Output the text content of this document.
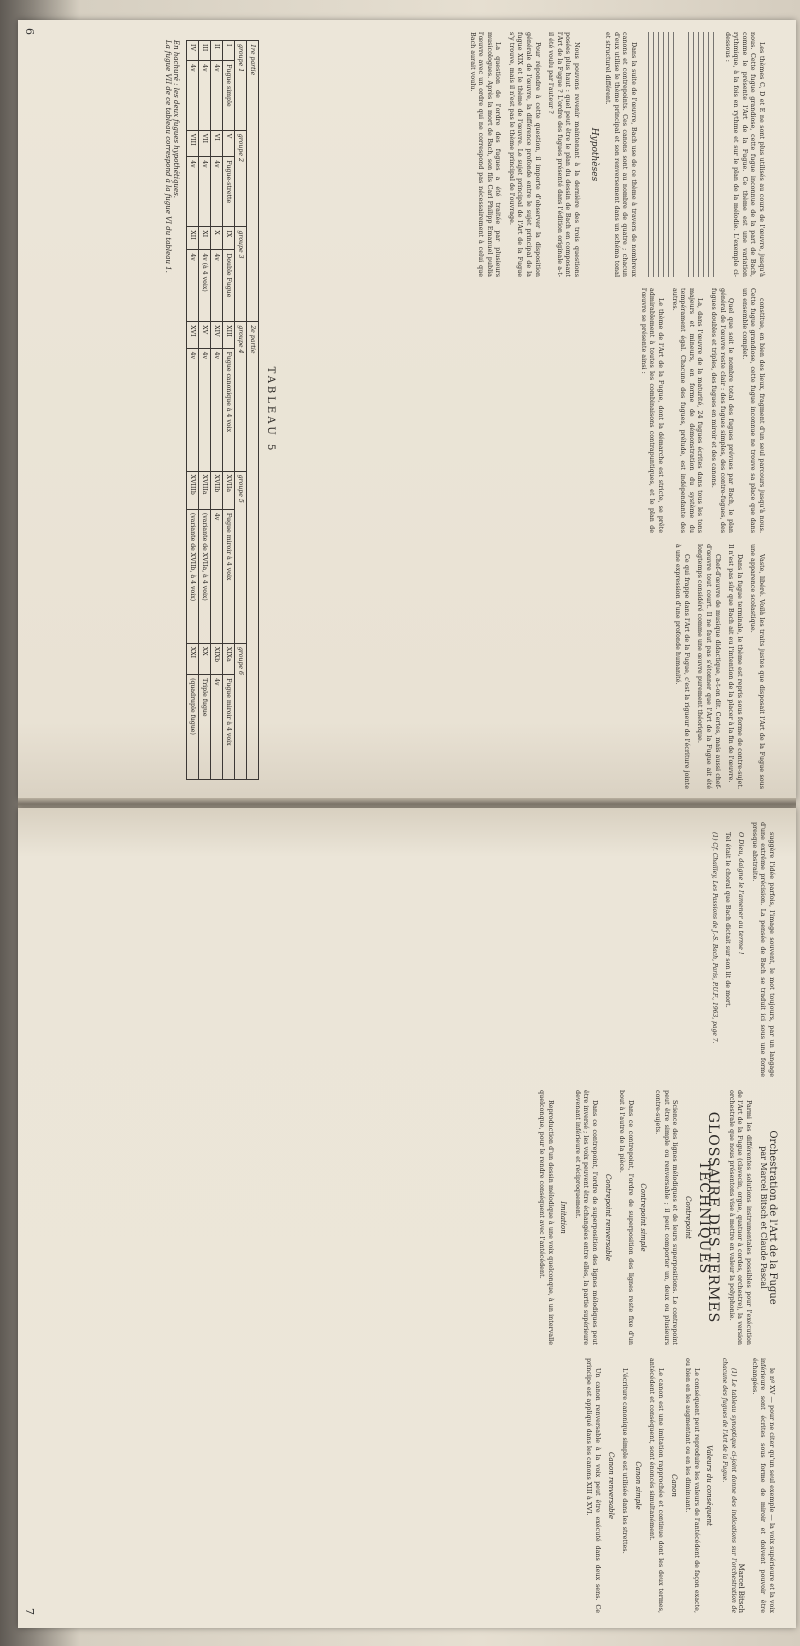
6

Les thèmes C, D et E ne sont plus utilisés au cours de l'œuvre, jusqu'à nous. Cette fugue grandiose, cette fugue inconnue de la part de Bach, comme le présente l'Art de la Fugue. Ce thème est une variation rythmique, à la fois en rythme et sur le plan de la mélodie. L'exemple ci-dessous :

Dans la suite de l'œuvre, Bach use de ce thème à travers de nombreux canons et contrepoints. Ces canons sont au nombre de quatre ; chacun d'eux utilise le thème principal et son renversement dans un schéma tonal et structurel différent.

Hypothèses

Nous pouvons revenir maintenant à la dernière des trois questions posées plus haut : quel peut être le plan du dessin de Bach en composant l'Art de la Fugue ? L'ordre des fugues présenté dans l'édition originale a-t-il été voulu par l'auteur ?

Pour répondre à cette question, il importe d'observer la disposition générale de l'œuvre, la différence profonde entre le sujet principal de la fugue XIX et le thème de l'œuvre. Le sujet principal de l'Art de la Fugue s'y trouve, mais il n'est pas le thème principal de l'ouvrage.

La question de l'ordre des fugues a été traitée par plusieurs musicologues. Après la mort de Bach, son fils Carl Philipp Emanuel publia l'œuvre avec un ordre qui ne correspond pas nécessairement à celui que Bach aurait voulu.

constitue, en bien des lieux, fragment d'un seul parcours jusqu'à nous. Cette fugue grandiose, cette fugue inconnue ne trouve sa place que dans un ensemble complet.

Quel que soit le nombre total des fugues prévues par Bach, le plan général de l'œuvre reste clair : des fugues simples, des contre-fugues, des fugues doubles et triples, des fugues en miroir et des canons.

La, dans l'œuvre de la maturité, 24 fugues écrites dans tous les tons majeurs et mineurs, en forme de démonstration du système du tempérament égal. Chacune des fugues, prélude, est indépendante des autres.

Le thème de l'Art de la Fugue, dont la démarche est stricte, se prête admirablement à toutes les combinaisons contrapuntiques, et le plan de l'œuvre se présente ainsi :

Vaste, libéré. Voilà les traits justes que disposait l'Art de la Fugue sous une apparence scolastique.

Dans la fugue terminale, le thème est repris sous forme de contre-sujet. Il n'est pas sûr que Bach ait eu l'intention de la placer à la fin de l'œuvre.

Chef-d'œuvre de musique didactique, a-t-on dit. Certes, mais aussi chef-d'œuvre tout court. Il ne faut pas s'étonner que l'Art de la Fugue ait été longtemps considéré comme une œuvre purement théorique.

Ce qui frappe dans l'Art de la Fugue, c'est la rigueur de l'écriture jointe à une expression d'une profonde humanité.

TABLEAU 5
1re partie						2e partie					
groupe 1		groupe 2		groupe 3		groupe 4		groupe 5		groupe 6	
I	Fugue simple	V	Fugue-strette	IX	Double Fugue	XIII	Fugue canonique à 4 voix	XVIIa	Fugue miroir à 4 voix	XIXa	Fugue miroir à 4 voix
II	4v	VI	4v	X	4v	XIV	4v	XVIIb	4v	XIXb	4v
III	4v	VII	4v	XI	4v (à 4 voix)	XV	4v	XVIIIa	(variante de XVIIa, à 4 voix)	XX	Triple fugue
IV	4v	VIII	4v	XII	4v	XVI	4v	XVIIIb	(variante de XVIIb, à 4 voix)	XXI	(quadruple fugue)
En hachuré : les deux fugues hypothétiques.
La fugue VII de ce tableau correspond à la fugue VI du tableau 1.
7

suggère l'idée parfois, l'image souvent, le mot toujours, par un langage d'une extrême précision. La pensée de Bach se traduit ici sous une forme presque abstraite.

O Dieu, daigne le l'amener au terme !

Tel était le choral que Bach dictait sur son lit de mort.

(1) Cf. Chailley, Les Passions de J.-S. Bach, Paris, P.U.F., 1963, page 7.

Orchestration de l'Art de la Fugue
par Marcel Bitsch et Claude Pascal

Parmi les différentes solutions instrumentales possibles pour l'exécution de l'Art de la Fugue (clavecin, orgue, quatuor à cordes, orchestre), la version orchestrale que nous présentons vise à mettre en valeur la polyphonie.

GLOSSAIRE DES TERMES TECHNIQUES
Contrepoint

Science des lignes mélodiques et de leurs superpositions. Le contrepoint peut être simple ou renversable ; il peut comporter un, deux ou plusieurs contre-sujets.

Contrepoint simple

Dans ce contrepoint, l'ordre de superposition des lignes reste fixe d'un bout à l'autre de la pièce.

Contrepoint renversable

Dans ce contrepoint, l'ordre de superposition des lignes mélodiques peut être inversé ; les voix peuvent être échangées entre elles, la partie supérieure devenant inférieure et réciproquement.

Imitation

Reproduction d'un dessin mélodique à une voix quelconque, à un intervalle quelconque, pour le rendre conséquent avec l'antécédent.

le nº XV — pour ne citer qu'un seul exemple — la voix supérieure et la voix inférieure sont écrites sous forme de miroir et doivent pouvoir être échangées.

Marcel Bitsch

(1) Le tableau synoptique ci-joint donne des indications sur l'orchestration de chacune des fugues de l'Art de la Fugue.

Valeurs du conséquent

Le conséquent peut reproduire les valeurs de l'antécédent de façon exacte, ou bien en les augmentant ou en les diminuant.

Canon

Le canon est une imitation rapprochée et continue dont les deux termes, antécédent et conséquent, sont énoncés simultanément.

Canon simple

L'écriture canonique simple est utilisée dans les strettes.

Canon renversable

Un canon renversable à la voix peut être exécuté dans deux sens. Ce principe est appliqué dans les canons XIII à XVI.
